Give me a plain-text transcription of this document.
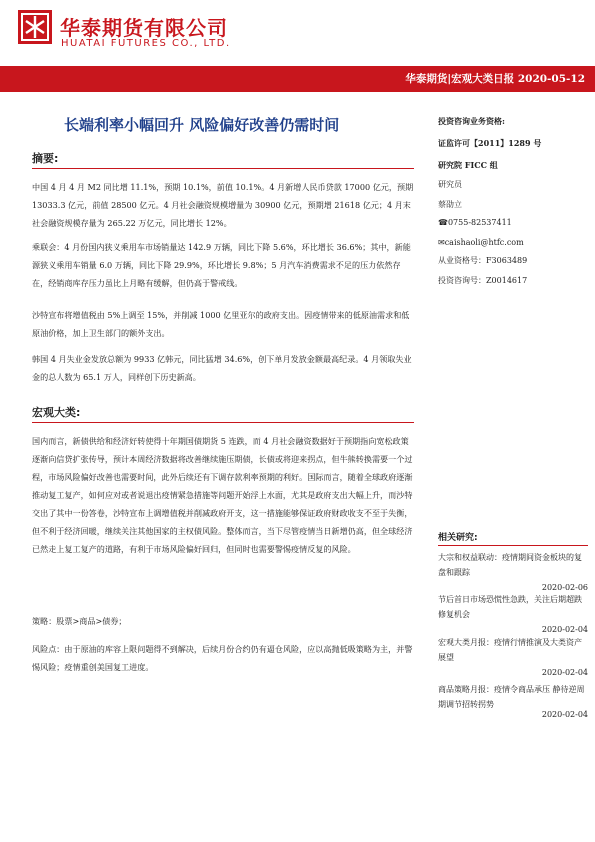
华泰期货有限公司
HUATAI FUTURES CO., LTD.
华泰期货|宏观大类日报 2020-05-12
长端利率小幅回升 风险偏好改善仍需时间
摘要:
中国 4 月 4 月 M2 同比增 11.1%，预期 10.1%，前值 10.1%。4 月新增人民币贷款 17000 亿元，预期 13033.3 亿元，前值 28500 亿元。4 月社会融资规模增量为 30900 亿元，预期增 21618 亿元；4 月末社会融资规模存量为 265.22 万亿元，同比增长 12%。
乘联会：4 月份国内狭义乘用车市场销量达 142.9 万辆，同比下降 5.6%，环比增长 36.6%；其中，新能源狭义乘用车销量 6.0 万辆，同比下降 29.9%，环比增长 9.8%；5 月汽车消费需求不足的压力依然存在，经销商库存压力虽比上月略有缓解，但仍高于警戒线。
沙特宣布将增值税由 5%上调至 15%，并削减 1000 亿里亚尔的政府支出。因疫情带来的低原油需求和低原油价格，加上卫生部门的额外支出。
韩国 4 月失业金发放总额为 9933 亿韩元，同比猛增 34.6%，创下单月发放金额最高纪录。4 月领取失业金的总人数为 65.1 万人，同样创下历史新高。
宏观大类:
国内而言，新债供给和经济好转使得十年期国债期货 5 连跌，而 4 月社会融资数据好于预期指向宽松政策逐渐向信贷扩张传导，预计本周经济数据将改善继续施压期债，长债或将迎来拐点，但牛熊转换需要一个过程，市场风险偏好改善也需要时间，此外后续还有下调存款利率预期的利好。国际而言，随着全球政府逐渐推动复工复产，如何应对或者说退出疫情紧急措施等问题开始浮上水面，尤其是政府支出大幅上升，而沙特交出了其中一份答卷，沙特宣布上调增值税并削减政府开支，这一措施能够保证政府财政收支不至于失衡，但不利于经济回暖，继续关注其他国家的主权债风险。整体而言，当下尽管疫情当日新增仍高，但全球经济已然走上复工复产的道路，有利于市场风险偏好回归，但同时也需要警惕疫情反复的风险。
策略：股票>商品>债券；
风险点：由于原油的库容上限问题得不到解决，后续月份合约仍有逼仓风险，应以高抛低吸策略为主，并警惕风险；疫情重创美国复工进度。
投资咨询业务资格:
证监许可【2011】1289 号
研究院 FICC 组
研究员
蔡劭立
☎0755-82537411
✉caishaoli@htfc.com
从业资格号：F3063489
投资咨询号：Z0014617
相关研究:
大宗和权益联动：疫情期间资金板块的复盘和跟踪
2020-02-06
节后首日市场恐慌性急跌，关注后期超跌修复机会
2020-02-04
宏观大类月报：疫情行情推演及大类资产展望
2020-02-04
商品策略月报：疫情令商品承压 静待逆周期调节招转拐势
2020-02-04
